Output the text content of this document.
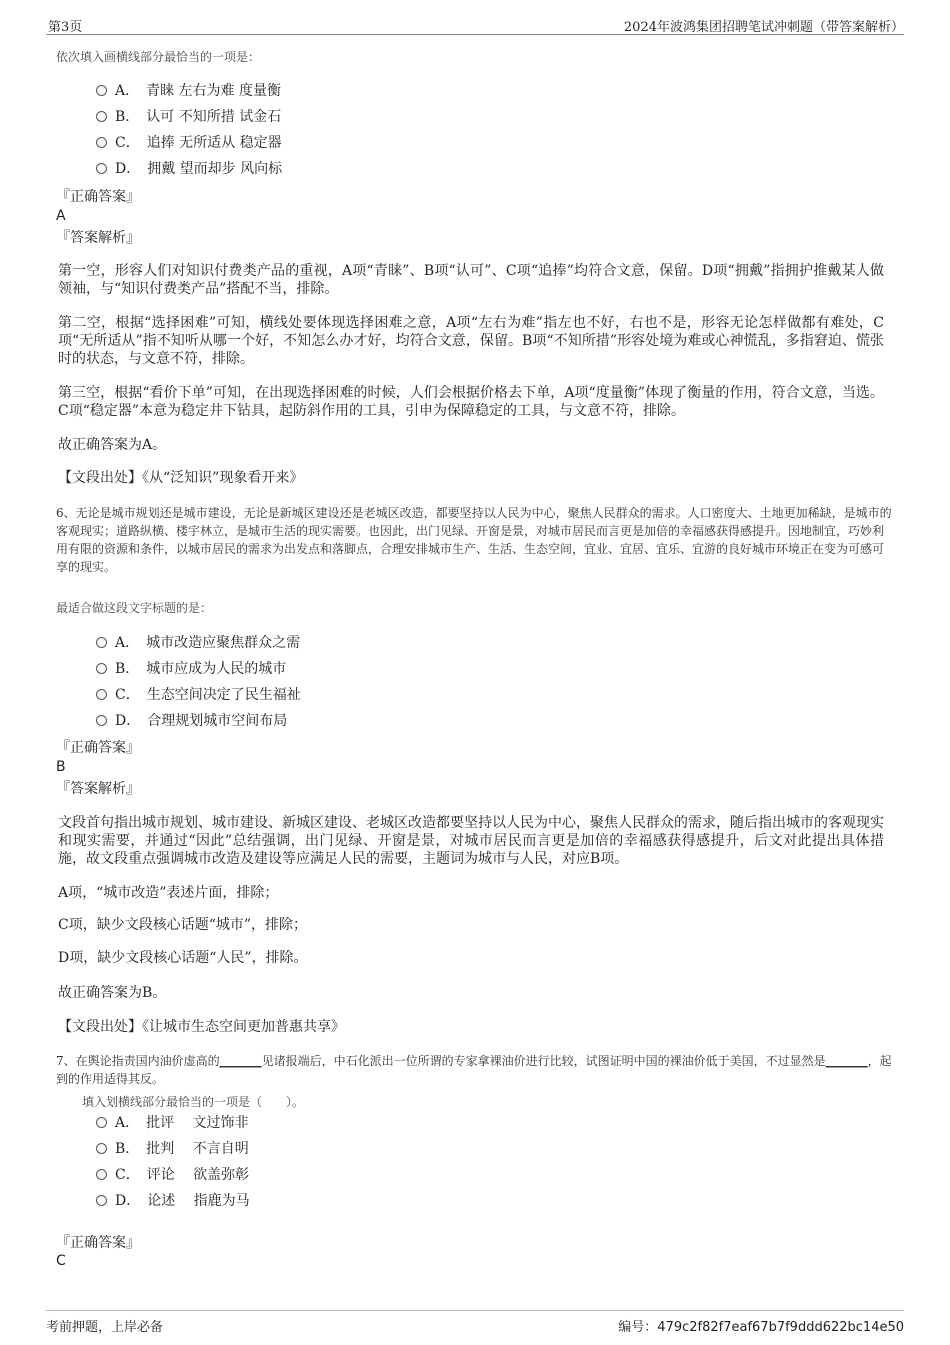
第3页	2024年波鸿集团招聘笔试冲刺题（带答案解析）
依次填入画横线部分最恰当的一项是：
A．　青睐 左右为难 度量衡
B．　认可 不知所措 试金石
C．　追捧 无所适从 稳定器
D．　拥戴 望而却步 风向标
『正确答案』
A
『答案解析』
第一空，形容人们对知识付费类产品的重视，A项“青睐”、B项“认可”、C项“追捧”均符合文意，保留。D项“拥戴”指拥护推戴某人做领袖，与“知识付费类产品”搭配不当，排除。
第二空，根据“选择困难”可知，横线处要体现选择困难之意，A项“左右为难”指左也不好，右也不是，形容无论怎样做都有难处，C项“无所适从”指不知听从哪一个好，不知怎么办才好，均符合文意，保留。B项“不知所措”形容处境为难或心神慌乱，多指窘迫、慌张时的状态，与文意不符，排除。
第三空，根据“看价下单”可知，在出现选择困难的时候，人们会根据价格去下单，A项“度量衡”体现了衡量的作用，符合文意，当选。C项“稳定器”本意为稳定井下钻具，起防斜作用的工具，引申为保障稳定的工具，与文意不符，排除。
故正确答案为A。
【文段出处】《从“泛知识”现象看开来》
6、无论是城市规划还是城市建设，无论是新城区建设还是老城区改造，都要坚持以人民为中心，聚焦人民群众的需求。人口密度大、土地更加稀缺，是城市的客观现实；道路纵横、楼宇林立，是城市生活的现实需要。也因此，出门见绿、开窗是景，对城市居民而言更是加倍的幸福感获得感提升。因地制宜，巧妙利用有限的资源和条件，以城市居民的需求为出发点和落脚点，合理安排城市生产、生活、生态空间，宜业、宜居、宜乐、宜游的良好城市环境正在变为可感可享的现实。
最适合做这段文字标题的是：
A．　城市改造应聚焦群众之需
B．　城市应成为人民的城市
C．　生态空间决定了民生福祉
D．　合理规划城市空间布局
『正确答案』
B
『答案解析』
文段首句指出城市规划、城市建设、新城区建设、老城区改造都要坚持以人民为中心，聚焦人民群众的需求，随后指出城市的客观现实和现实需要，并通过“因此”总结强调，出门见绿、开窗是景，对城市居民而言更是加倍的幸福感获得感提升，后文对此提出具体措施，故文段重点强调城市改造及建设等应满足人民的需要，主题词为城市与人民，对应B项。
A项，“城市改造”表述片面，排除；
C项，缺少文段核心话题“城市”，排除；
D项，缺少文段核心话题“人民”，排除。
故正确答案为B。
【文段出处】《让城市生态空间更加普惠共享》
7、在舆论指责国内油价虚高的_______见诸报端后，中石化派出一位所谓的专家拿裸油价进行比较，试图证明中国的裸油价低于美国，不过显然是_______，起到的作用适得其反。
填入划横线部分最恰当的一项是（　　）。
A．　批评　 文过饰非
B．　批判　 不言自明
C．　评论　 欲盖弥彰
D．　论述　 指鹿为马
『正确答案』
C
考前押题，上岸必备	编号：479c2f82f7eaf67b7f9ddd622bc14e50
